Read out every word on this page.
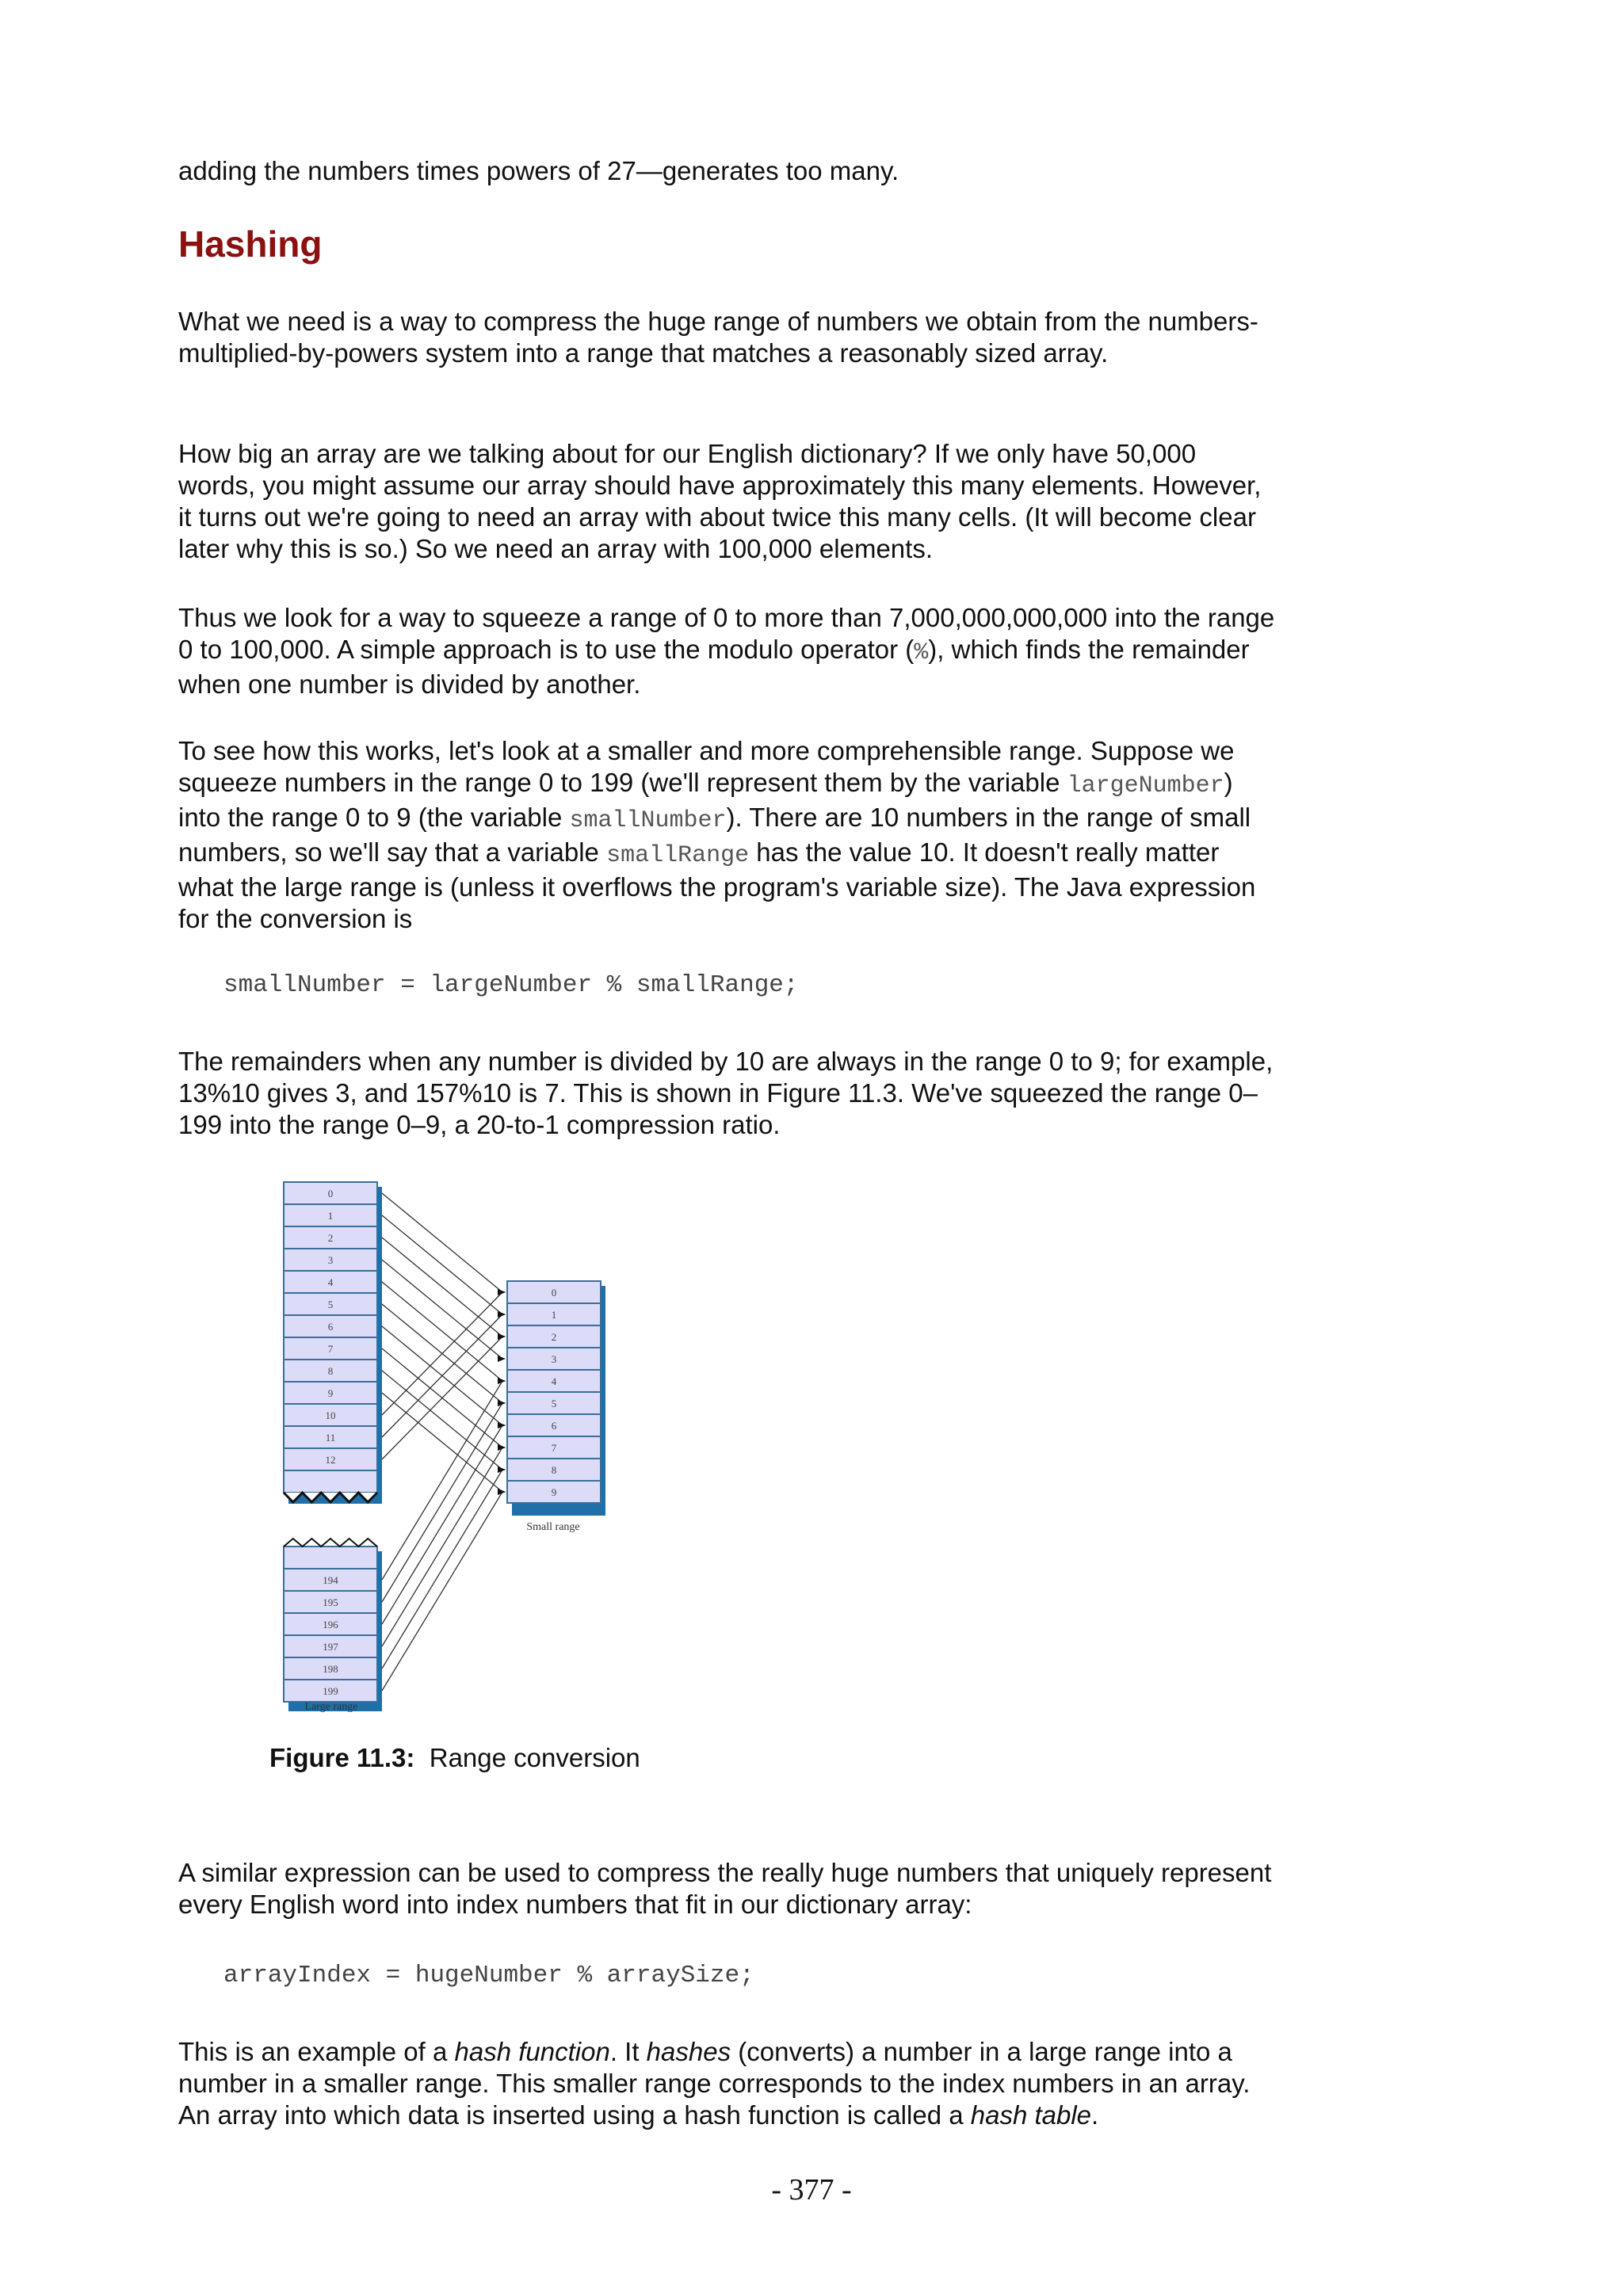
adding the numbers times powers of 27—generates too many.

Hashing

What we need is a way to compress the huge range of numbers we obtain from the numbers-multiplied-by-powers system into a range that matches a reasonably sized array.

How big an array are we talking about for our English dictionary? If we only have 50,000 words, you might assume our array should have approximately this many elements. However, it turns out we're going to need an array with about twice this many cells. (It will become clear later why this is so.) So we need an array with 100,000 elements.

Thus we look for a way to squeeze a range of 0 to more than 7,000,000,000,000 into the range 0 to 100,000. A simple approach is to use the modulo operator (%), which finds the remainder when one number is divided by another.

To see how this works, let's look at a smaller and more comprehensible range. Suppose we squeeze numbers in the range 0 to 199 (we'll represent them by the variable largeNumber) into the range 0 to 9 (the variable smallNumber). There are 10 numbers in the range of small numbers, so we'll say that a variable smallRange has the value 10. It doesn't really matter what the large range is (unless it overflows the program's variable size). The Java expression for the conversion is

smallNumber = largeNumber % smallRange;

The remainders when any number is divided by 10 are always in the range 0 to 9; for example, 13%10 gives 3, and 157%10 is 7. This is shown in Figure 11.3. We've squeezed the range 0–199 into the range 0–9, a 20-to-1 compression ratio.

0
1
2
3
4
5
6
7
8
9
10
11
12
194
195
196
197
198
199
0
1
2
3
4
5
6
7
8
9
Large range
Small range
Figure 11.3: Range conversion

A similar expression can be used to compress the really huge numbers that uniquely represent every English word into index numbers that fit in our dictionary array:

arrayIndex = hugeNumber % arraySize;

This is an example of a hash function. It hashes (converts) a number in a large range into a number in a smaller range. This smaller range corresponds to the index numbers in an array. An array into which data is inserted using a hash function is called a hash table.

- 377 -
